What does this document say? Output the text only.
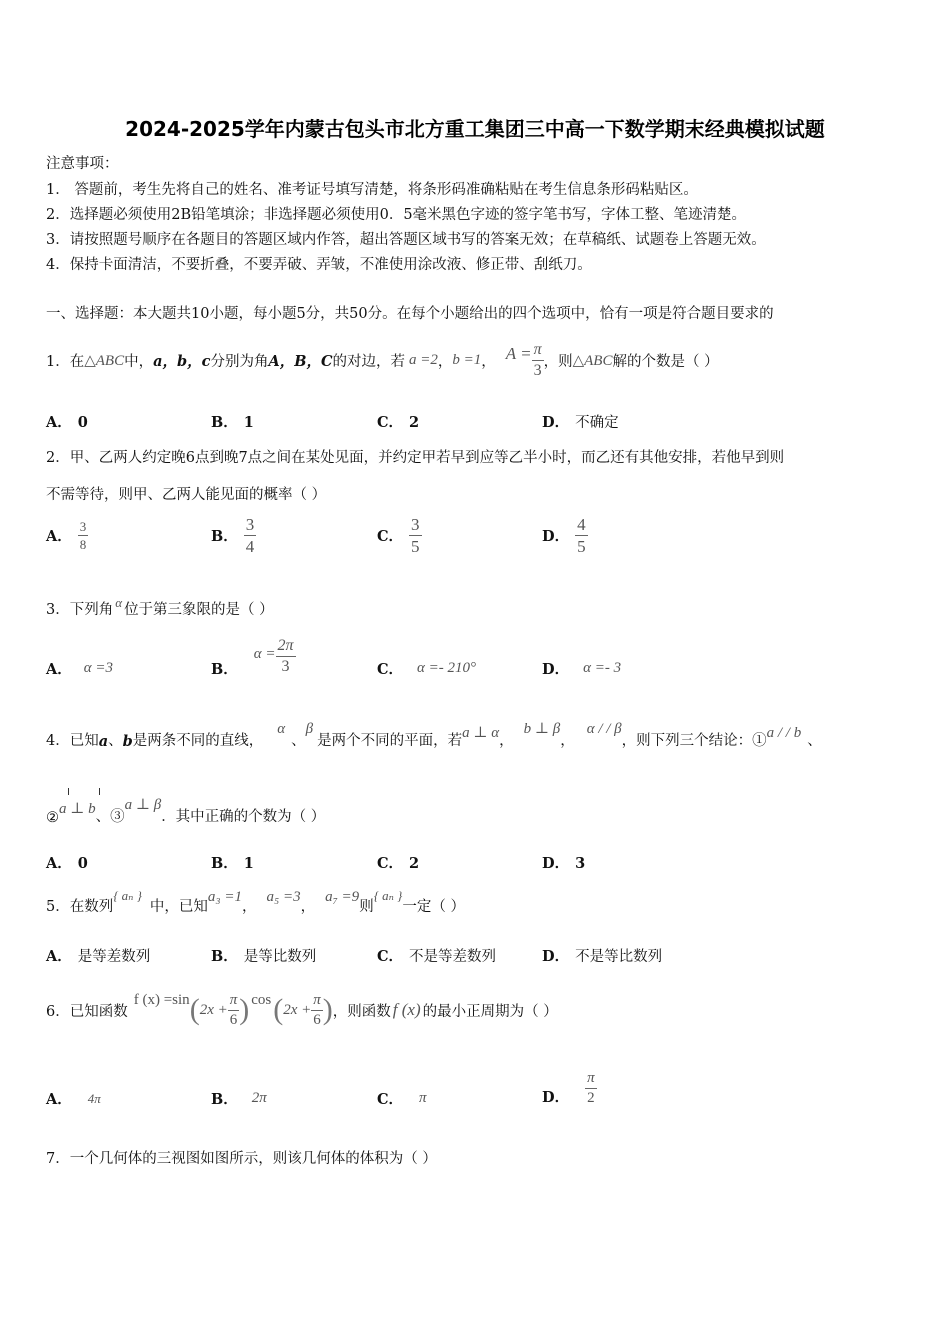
2024-2025学年内蒙古包头市北方重工集团三中高一下数学期末经典模拟试题
注意事项：
1． 答题前，考生先将自己的姓名、准考证号填写清楚，将条形码准确粘贴在考生信息条形码粘贴区。
2．选择题必须使用2B铅笔填涂；非选择题必须使用0．5毫米黑色字迹的签字笔书写，字体工整、笔迹清楚。
3．请按照题号顺序在各题目的答题区域内作答，超出答题区域书写的答案无效；在草稿纸、试题卷上答题无效。
4．保持卡面清洁，不要折叠，不要弄破、弄皱，不准使用涂改液、修正带、刮纸刀。
一、选择题：本大题共10小题，每小题5分，共50分。在每个小题给出的四个选项中，恰有一项是符合题目要求的
1． 在 △ABC 中， a，b，c 分别为角 A，B，C 的对边，若 a =2 ， b =1 ， $A = \frac{\pi}{3}$ ，则 △ABC 解的个数是（ ）
A． 0	B． 1	C． 2	D． 不确定
2．甲、乙两人约定晚6点到晚7点之间在某处见面，并约定甲若早到应等乙半小时，而乙还有其他安排，若他早到则
不需等待，则甲、乙两人能见面的概率（ ）
A． $\frac{3}{8}$	B． $\frac{3}{4}$	C． $\frac{3}{5}$	D． $\frac{4}{5}$
3． 下列角 α 位于第三象限的是（ ）
A． α =3	B．
$\alpha = \frac{2\pi}{3}$	C． α =- 210°	D． α =- 3
4． 已知 a 、 b 是两条不同的直线，
α
、
β
是两个不同的平面，若 a ⊥ α ，
b ⊥ β
，
α / / β
，则下列三个结论：① a / / b 、
②
a ⊥ b 、③
a ⊥ β
．其中正确的个数为（ ）
A． 0	B． 1	C． 2	D． 3
5． 在数列
{ aₙ }
中，已知
a₃ =1
，
a₅ =3
，
a₇ =9
则
{ aₙ }
一定（ ）
A． 是等差数列	B． 是等比数列	C． 不是等差数列	D． 不是等比数列
6． 已知函数
f (x) =sin ( $2x + \frac{\pi}{6}$ ) cos ( $2x + \frac{\pi}{6}$ ) ，则函数 f (x) 的最小正周期为（ ）
A． 4π	B． 2π	C． π	D． $\frac{\pi}{2}$
7．一个几何体的三视图如图所示，则该几何体的体积为（ ）
